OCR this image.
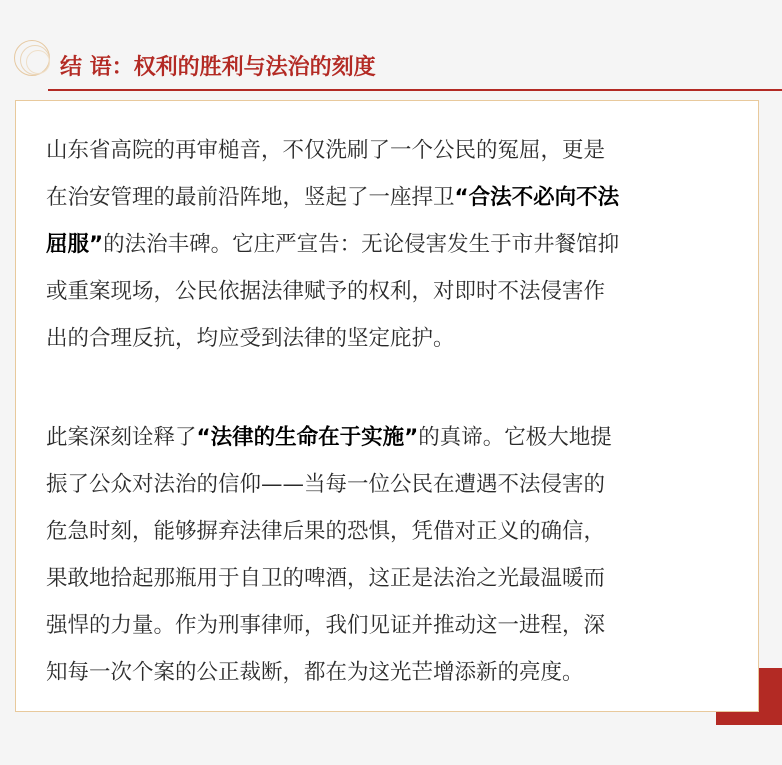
结 语：权利的胜利与法治的刻度
山东省高院的再审槌音，不仅洗刷了一个公民的冤屈，更是
在治安管理的最前沿阵地，竖起了一座捍卫“合法不必向不法
屈服”的法治丰碑。它庄严宣告：无论侵害发生于市井餐馆抑
或重案现场，公民依据法律赋予的权利，对即时不法侵害作
出的合理反抗，均应受到法律的坚定庇护。
此案深刻诠释了“法律的生命在于实施”的真谛。它极大地提
振了公众对法治的信仰——当每一位公民在遭遇不法侵害的
危急时刻，能够摒弃法律后果的恐惧，凭借对正义的确信，
果敢地拾起那瓶用于自卫的啤酒，这正是法治之光最温暖而
强悍的力量。作为刑事律师，我们见证并推动这一进程，深
知每一次个案的公正裁断，都在为这光芒增添新的亮度。
